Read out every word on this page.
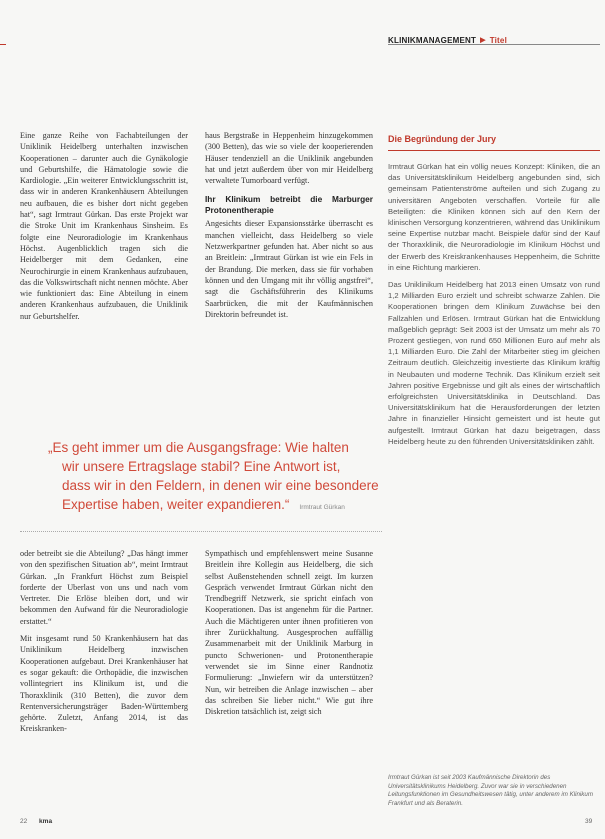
KLINIKMANAGEMENT ▶ Titel

Eine ganze Reihe von Fachabteilungen der Uniklinik Heidelberg unterhalten inzwischen Kooperationen – darunter auch die Gynäkologie und Geburtshilfe, die Hämatologie sowie die Kardiologie. „Ein weiterer Entwicklungsschritt ist, dass wir in anderen Krankenhäusern Abteilungen neu aufbauen, die es bisher dort nicht gegeben hat“, sagt Irmtraut Gürkan. Das erste Projekt war die Stroke Unit im Krankenhaus Sinsheim. Es folgte eine Neuroradiologie im Krankenhaus Höchst. Augenblicklich tragen sich die Heidelberger mit dem Gedanken, eine Neurochirurgie in einem Krankenhaus aufzubauen, das die Volkswirtschaft nicht nennen möchte. Aber wie funktioniert das: Eine Abteilung in einem anderen Krankenhaus aufzubauen, die Uniklinik nur Geburtshelfer.

haus Bergstraße in Heppenheim hinzugekommen (300 Betten), das wie so viele der kooperierenden Häuser tendenziell an die Uniklinik angebunden hat und jetzt außerdem über von mir Heidelberg verwaltete Tumorboard verfügt.

Ihr Klinikum betreibt die Marburger Protonentherapie

Angesichts dieser Expansionsstärke überrascht es manchen vielleicht, dass Heidelberg so viele Netzwerkpartner gefunden hat. Aber nicht so aus an Breitlein: „Irmtraut Gürkan ist wie ein Fels in der Brandung. Die merken, dass sie für vorhaben können und den Umgang mit ihr völlig angstfrei“, sagt die Gschäftsführerin des Klinikums Saarbrücken, die mit der Kaufmännischen Direktorin befreundet ist.

„Es geht immer um die Ausgangsfrage: Wie halten
wir unsere Ertragslage stabil? Eine Antwort ist,
dass wir in den Feldern, in denen wir eine besondere
Expertise haben, weiter expandieren.“ Irmtraut Gürkan

oder betreibt sie die Abteilung? „Das hängt immer von den spezifischen Situation ab“, meint Irmtraut Gürkan. „In Frankfurt Höchst zum Beispiel forderte der Uberlast von uns und nach vom Vertreter. Die Erlöse bleiben dort, und wir bekommen den Aufwand für die Neuroradiologie erstattet.“

Mit insgesamt rund 50 Krankenhäusern hat das Uniklinikum Heidelberg inzwischen Kooperationen aufgebaut. Drei Krankenhäuser hat es sogar gekauft: die Orthopädie, die inzwischen vollintegriert ins Klinikum ist, und die Thoraxklinik (310 Betten), die zuvor dem Rentenversicherungsträger Baden-Württemberg gehörte. Zuletzt, Anfang 2014, ist das Kreiskranken-

Sympathisch und empfehlenswert meine Susanne Breitlein ihre Kollegin aus Heidelberg, die sich selbst Außenstehenden schnell zeigt. Im kurzen Gespräch verwendet Irmtraut Gürkan nicht den Trendbegriff Netzwerk, sie spricht einfach von Kooperationen. Das ist angenehm für die Partner. Auch die Mächtigeren unter ihnen profitieren von ihrer Zurückhaltung. Ausgesprochen auffällig Zusammenarbeit mit der Uniklinik Marburg in puncto Schwerionen- und Protonentherapie verwendet sie im Sinne einer Randnotiz Formulierung: „Inwiefern wir da unterstützen? Nun, wir betreiben die Anlage inzwischen – aber das schreiben Sie lieber nicht.“ Wie gut ihre Diskretion tatsächlich ist, zeigt sich

Die Begründung der Jury

Irmtraut Gürkan hat ein völlig neues Konzept: Kliniken, die an das Universitätsklinikum Heidelberg angebunden sind, sich gemeinsam Patientenströme aufteilen und sich Zugang zu universitären Angeboten verschaffen. Vorteile für alle Beteiligten: die Kliniken können sich auf den Kern der klinischen Versorgung konzentrieren, während das Uniklinikum seine Expertise nutzbar macht. Beispiele dafür sind der Kauf der Thoraxklinik, die Neuroradiologie im Klinikum Höchst und der Erwerb des Kreiskrankenhauses Heppenheim, die Schritte in eine Richtung markieren.

Das Uniklinikum Heidelberg hat 2013 einen Umsatz von rund 1,2 Milliarden Euro erzielt und schreibt schwarze Zahlen. Die Kooperationen bringen dem Klinikum Zuwächse bei den Fallzahlen und Erlösen. Irmtraut Gürkan hat die Entwicklung maßgeblich geprägt: Seit 2003 ist der Umsatz um mehr als 70 Prozent gestiegen, von rund 650 Millionen Euro auf mehr als 1,1 Milliarden Euro. Die Zahl der Mitarbeiter stieg im gleichen Zeitraum deutlich. Gleichzeitig investierte das Klinikum kräftig in Neubauten und moderne Technik. Das Klinikum erzielt seit Jahren positive Ergebnisse und gilt als eines der wirtschaftlich erfolgreichsten Universitätsklinika in Deutschland. Das Universitätsklinikum hat die Herausforderungen der letzten Jahre in finanzieller Hinsicht gemeistert und ist heute gut aufgestellt. Irmtraut Gürkan hat dazu beigetragen, dass Heidelberg heute zu den führenden Universitätskliniken zählt.

Irmtraut Gürkan ist seit 2003 Kaufmännische Direktorin des Universitätsklinikums Heidelberg. Zuvor war sie in verschiedenen Leitungsfunktionen im Gesundheitswesen tätig, unter anderem im Klinikum Frankfurt und als Beraterin.
22 kma	39
